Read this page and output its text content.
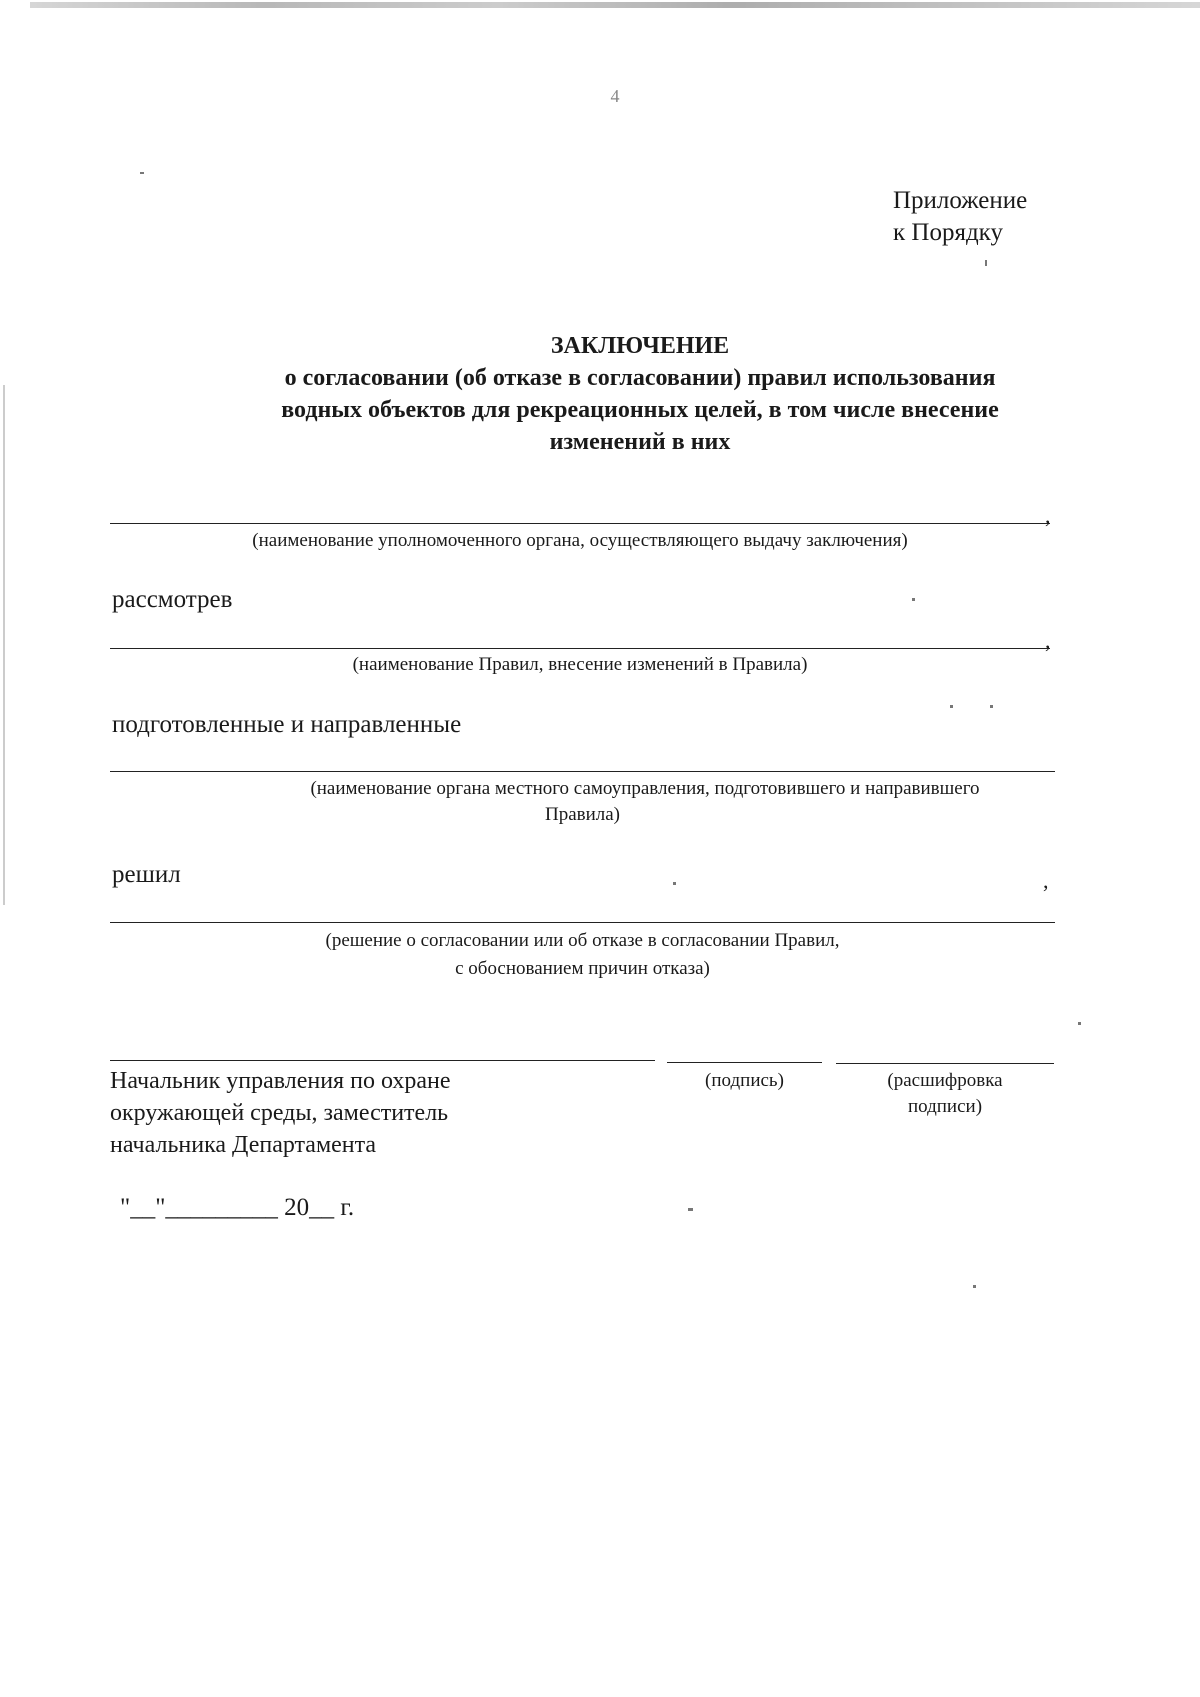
4
Приложение
к Порядку
ЗАКЛЮЧЕНИЕ
о согласовании (об отказе в согласовании) правил использования
водных объектов для рекреационных целей, в том числе внесение
изменений в них
,
(наименование уполномоченного органа, осуществляющего выдачу заключения)
рассмотрев
,
(наименование Правил, внесение изменений в Правила)
подготовленные и направленные
(наименование органа местного самоуправления, подготовившего и направившего
Правила)
решил	,
(решение о согласовании или об отказе в согласовании Правил,
с обоснованием причин отказа)
Начальник управления по охране
окружающей среды, заместитель
начальника Департамента
(подпись)	(расшифровка
подписи)
"__"_________ 20__ г.
